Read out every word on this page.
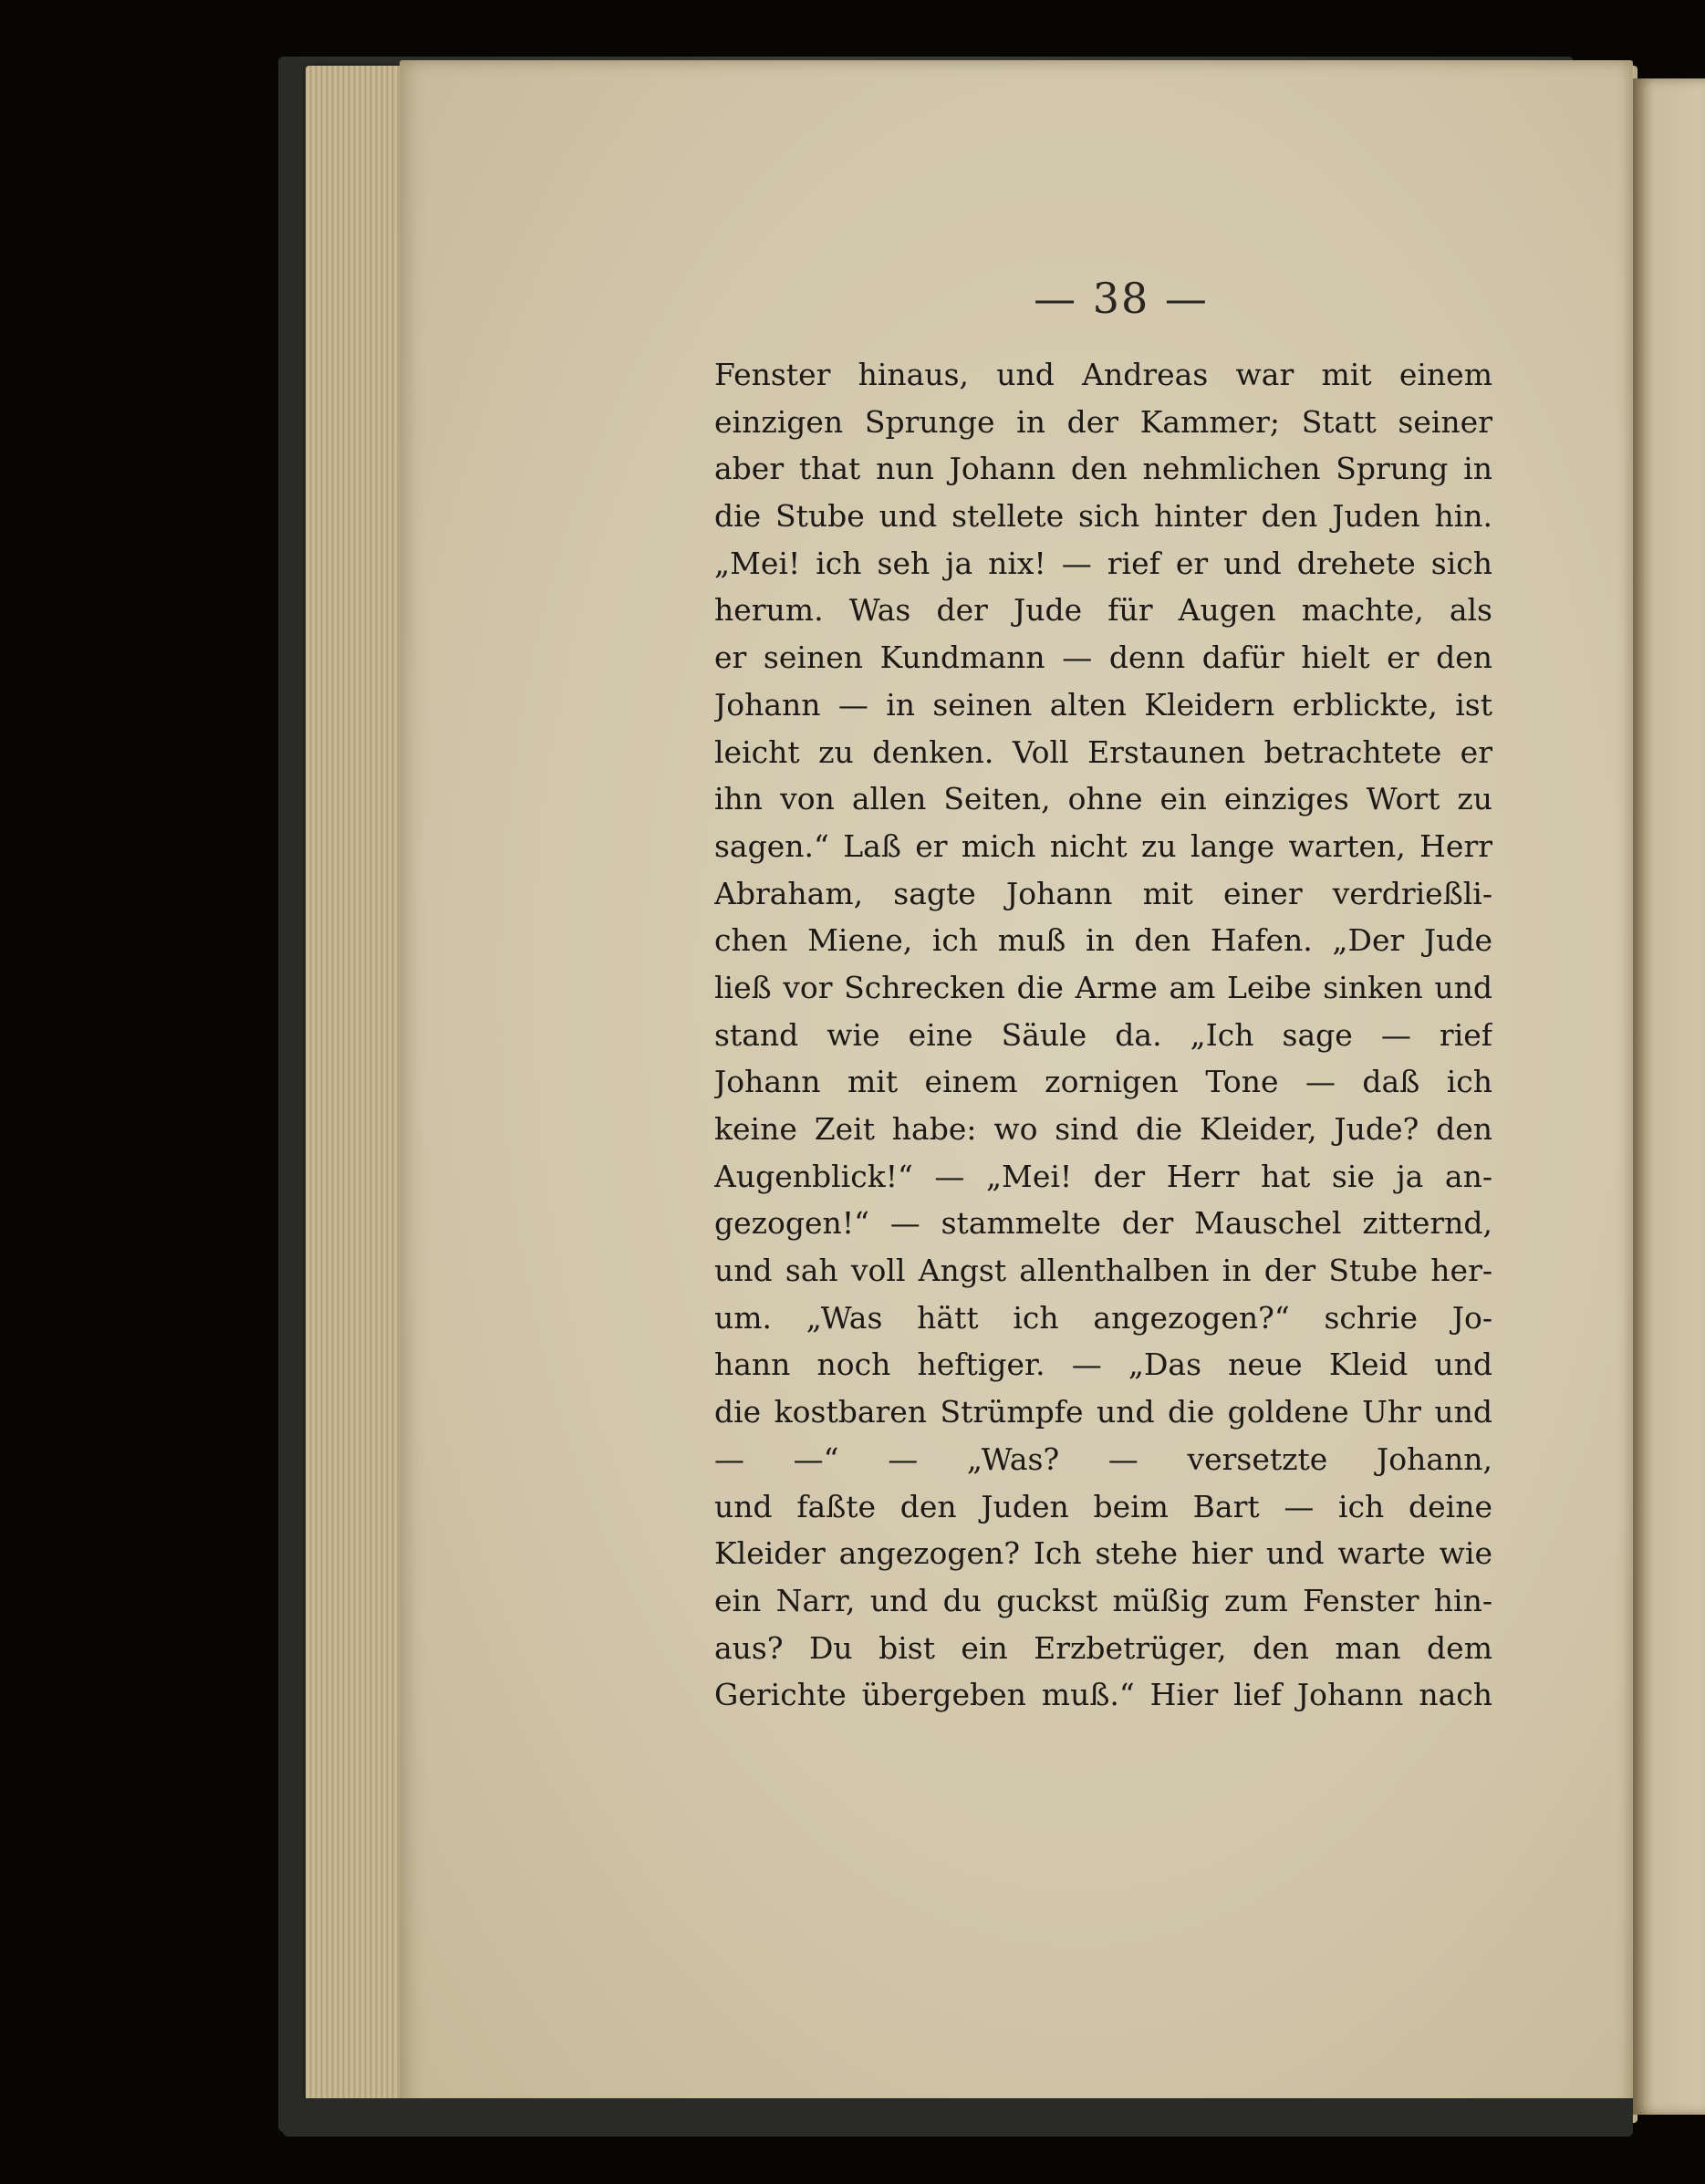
— 38 —
Fenster hinaus, und Andreas war mit einem
einzigen Sprunge in der Kammer; Statt seiner
aber that nun Johann den nehmlichen Sprung in
die Stube und stellete sich hinter den Juden hin.
„Mei! ich seh ja nix! — rief er und drehete sich
herum. Was der Jude für Augen machte, als
er seinen Kundmann — denn dafür hielt er den
Johann — in seinen alten Kleidern erblickte, ist
leicht zu denken. Voll Erstaunen betrachtete er
ihn von allen Seiten, ohne ein einziges Wort zu
sagen.“ Laß er mich nicht zu lange warten, Herr
Abraham, sagte Johann mit einer verdrießli-
chen Miene, ich muß in den Hafen. „Der Jude
ließ vor Schrecken die Arme am Leibe sinken und
stand wie eine Säule da. „Ich sage — rief
Johann mit einem zornigen Tone — daß ich
keine Zeit habe: wo sind die Kleider, Jude? den
Augenblick!“ — „Mei! der Herr hat sie ja an-
gezogen!“ — stammelte der Mauschel zitternd,
und sah voll Angst allenthalben in der Stube her-
um. „Was hätt ich angezogen?“ schrie Jo-
hann noch heftiger. — „Das neue Kleid und
die kostbaren Strümpfe und die goldene Uhr und
— —“ — „Was? — versetzte Johann,
und faßte den Juden beim Bart — ich deine
Kleider angezogen? Ich stehe hier und warte wie
ein Narr, und du guckst müßig zum Fenster hin-
aus? Du bist ein Erzbetrüger, den man dem
Gerichte übergeben muß.“ Hier lief Johann nach
